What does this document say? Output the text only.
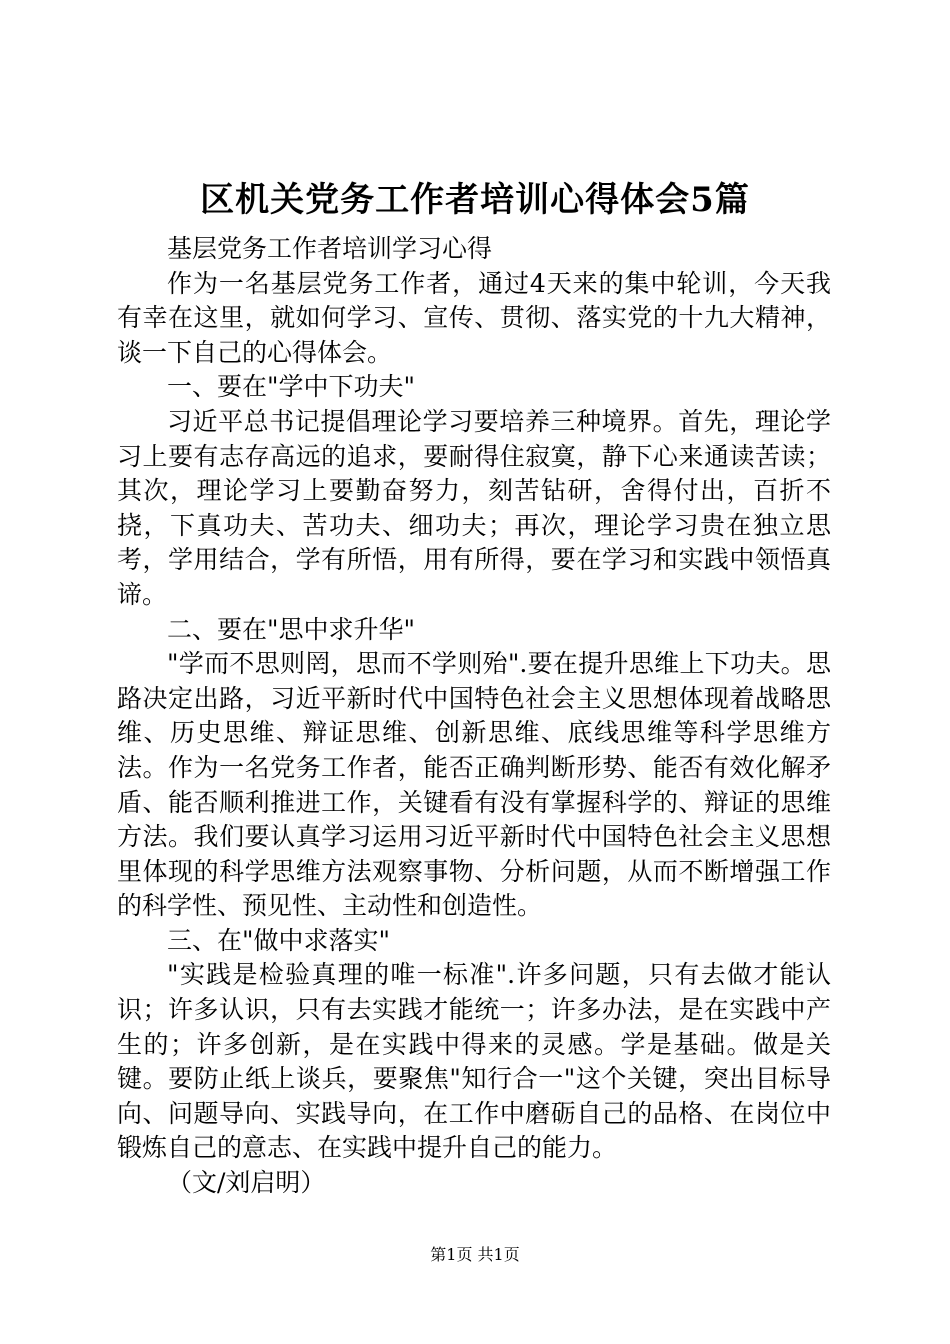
区机关党务工作者培训心得体会5篇

基层党务工作者培训学习心得

作为一名基层党务工作者，通过4天来的集中轮训，今天我有幸在这里，就如何学习、宣传、贯彻、落实党的十九大精神，谈一下自己的心得体会。

一、要在"学中下功夫"

习近平总书记提倡理论学习要培养三种境界。首先，理论学习上要有志存高远的追求，要耐得住寂寞，静下心来通读苦读；其次，理论学习上要勤奋努力，刻苦钻研，舍得付出，百折不挠，下真功夫、苦功夫、细功夫；再次，理论学习贵在独立思考，学用结合，学有所悟，用有所得，要在学习和实践中领悟真谛。

二、要在"思中求升华"

"学而不思则罔，思而不学则殆".要在提升思维上下功夫。思路决定出路，习近平新时代中国特色社会主义思想体现着战略思维、历史思维、辩证思维、创新思维、底线思维等科学思维方法。作为一名党务工作者，能否正确判断形势、能否有效化解矛盾、能否顺利推进工作，关键看有没有掌握科学的、辩证的思维方法。我们要认真学习运用习近平新时代中国特色社会主义思想里体现的科学思维方法观察事物、分析问题，从而不断增强工作的科学性、预见性、主动性和创造性。

三、在"做中求落实"

"实践是检验真理的唯一标准".许多问题，只有去做才能认识；许多认识，只有去实践才能统一；许多办法，是在实践中产生的；许多创新，是在实践中得来的灵感。学是基础。做是关键。要防止纸上谈兵，要聚焦"知行合一"这个关键，突出目标导向、问题导向、实践导向，在工作中磨砺自己的品格、在岗位中锻炼自己的意志、在实践中提升自己的能力。

（文/刘启明）

第1页 共1页
